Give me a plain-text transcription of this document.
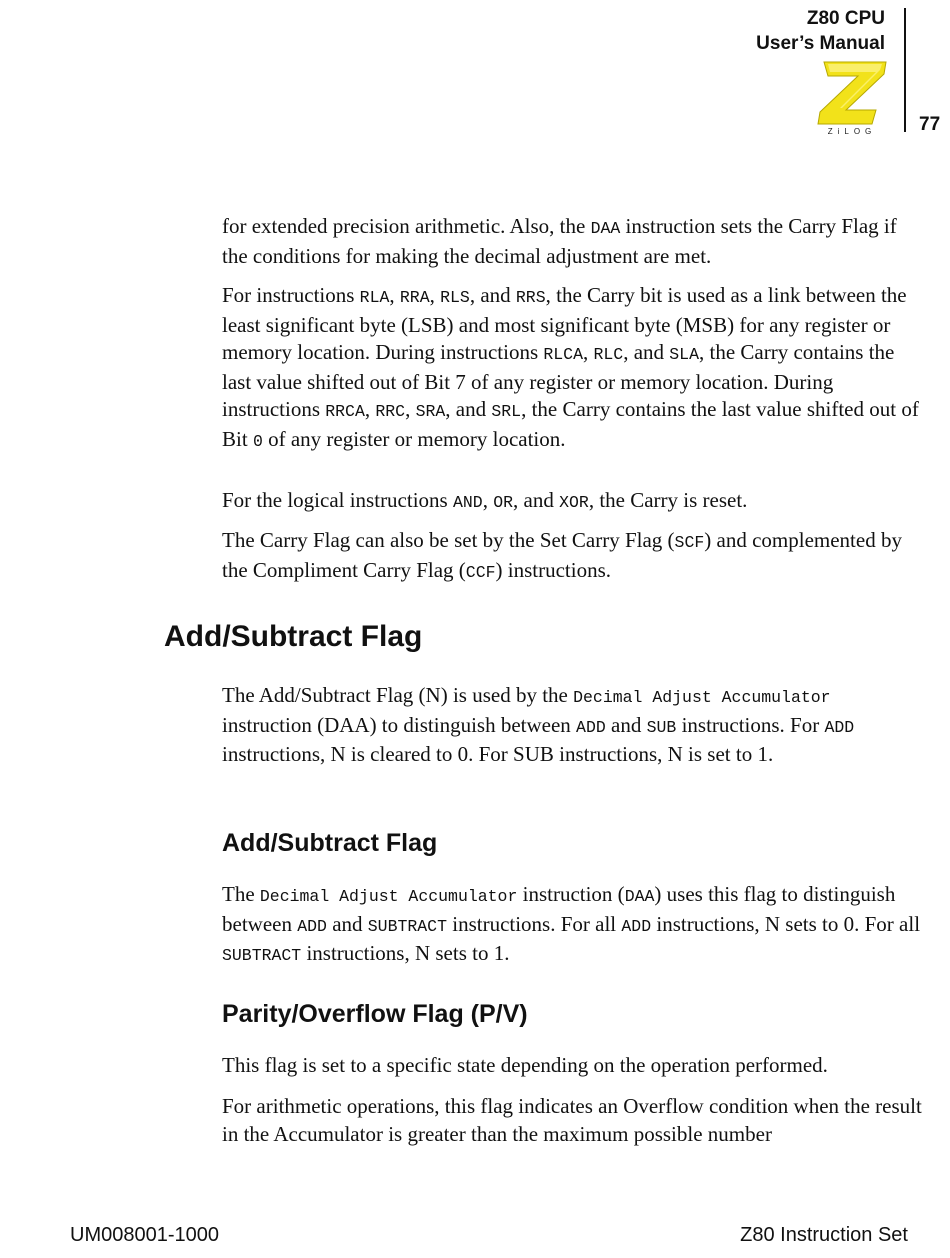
Z80 CPU
User’s Manual
ZiLOG 77

for extended precision arithmetic. Also, the DAA instruction sets the Carry Flag if the conditions for making the decimal adjustment are met.

For instructions RLA, RRA, RLS, and RRS, the Carry bit is used as a link between the least significant byte (LSB) and most significant byte (MSB) for any register or memory location. During instructions RLCA, RLC, and SLA, the Carry contains the last value shifted out of Bit 7 of any register or memory location. During instructions RRCA, RRC, SRA, and SRL, the Carry contains the last value shifted out of Bit 0 of any register or memory location.

For the logical instructions AND, OR, and XOR, the Carry is reset.

The Carry Flag can also be set by the Set Carry Flag (SCF) and complemented by the Compliment Carry Flag (CCF) instructions.

Add/Subtract Flag

The Add/Subtract Flag (N) is used by the Decimal Adjust Accumulator instruction (DAA) to distinguish between ADD and SUB instructions. For ADD instructions, N is cleared to 0. For SUB instructions, N is set to 1.

Add/Subtract Flag

The Decimal Adjust Accumulator instruction (DAA) uses this flag to distinguish between ADD and SUBTRACT instructions. For all ADD instructions, N sets to 0. For all SUBTRACT instructions, N sets to 1.

Parity/Overflow Flag (P/V)

This flag is set to a specific state depending on the operation performed.

For arithmetic operations, this flag indicates an Overflow condition when the result in the Accumulator is greater than the maximum possible number

UM008001-1000	Z80 Instruction Set
